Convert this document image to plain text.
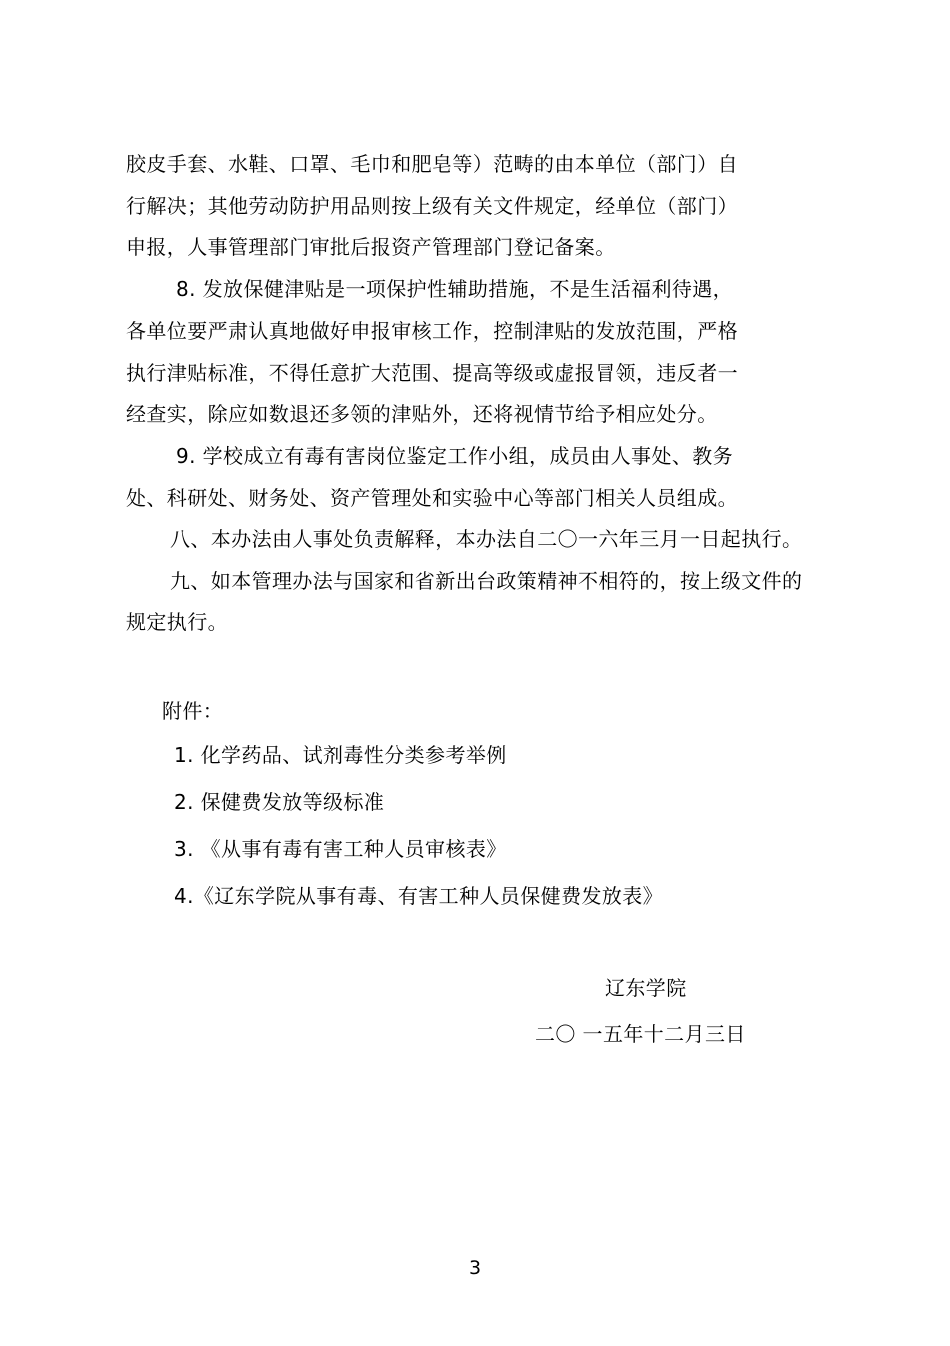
胶皮手套、水鞋、口罩、毛巾和肥皂等）范畴的由本单位（部门）自
行解决；其他劳动防护用品则按上级有关文件规定，经单位（部门）
申报，人事管理部门审批后报资产管理部门登记备案。
8. 发放保健津贴是一项保护性辅助措施，不是生活福利待遇，
各单位要严肃认真地做好申报审核工作，控制津贴的发放范围，严格
执行津贴标准，不得任意扩大范围、提高等级或虚报冒领，违反者一
经查实，除应如数退还多领的津贴外，还将视情节给予相应处分。
9. 学校成立有毒有害岗位鉴定工作小组，成员由人事处、教务
处、科研处、财务处、资产管理处和实验中心等部门相关人员组成。
八、本办法由人事处负责解释，本办法自二〇一六年三月一日起执行。
九、如本管理办法与国家和省新出台政策精神不相符的，按上级文件的
规定执行。
附件：
1. 化学药品、试剂毒性分类参考举例
2. 保健费发放等级标准
3. 《从事有毒有害工种人员审核表》
4.《辽东学院从事有毒、有害工种人员保健费发放表》
辽东学院
二〇 一五年十二月三日
3
